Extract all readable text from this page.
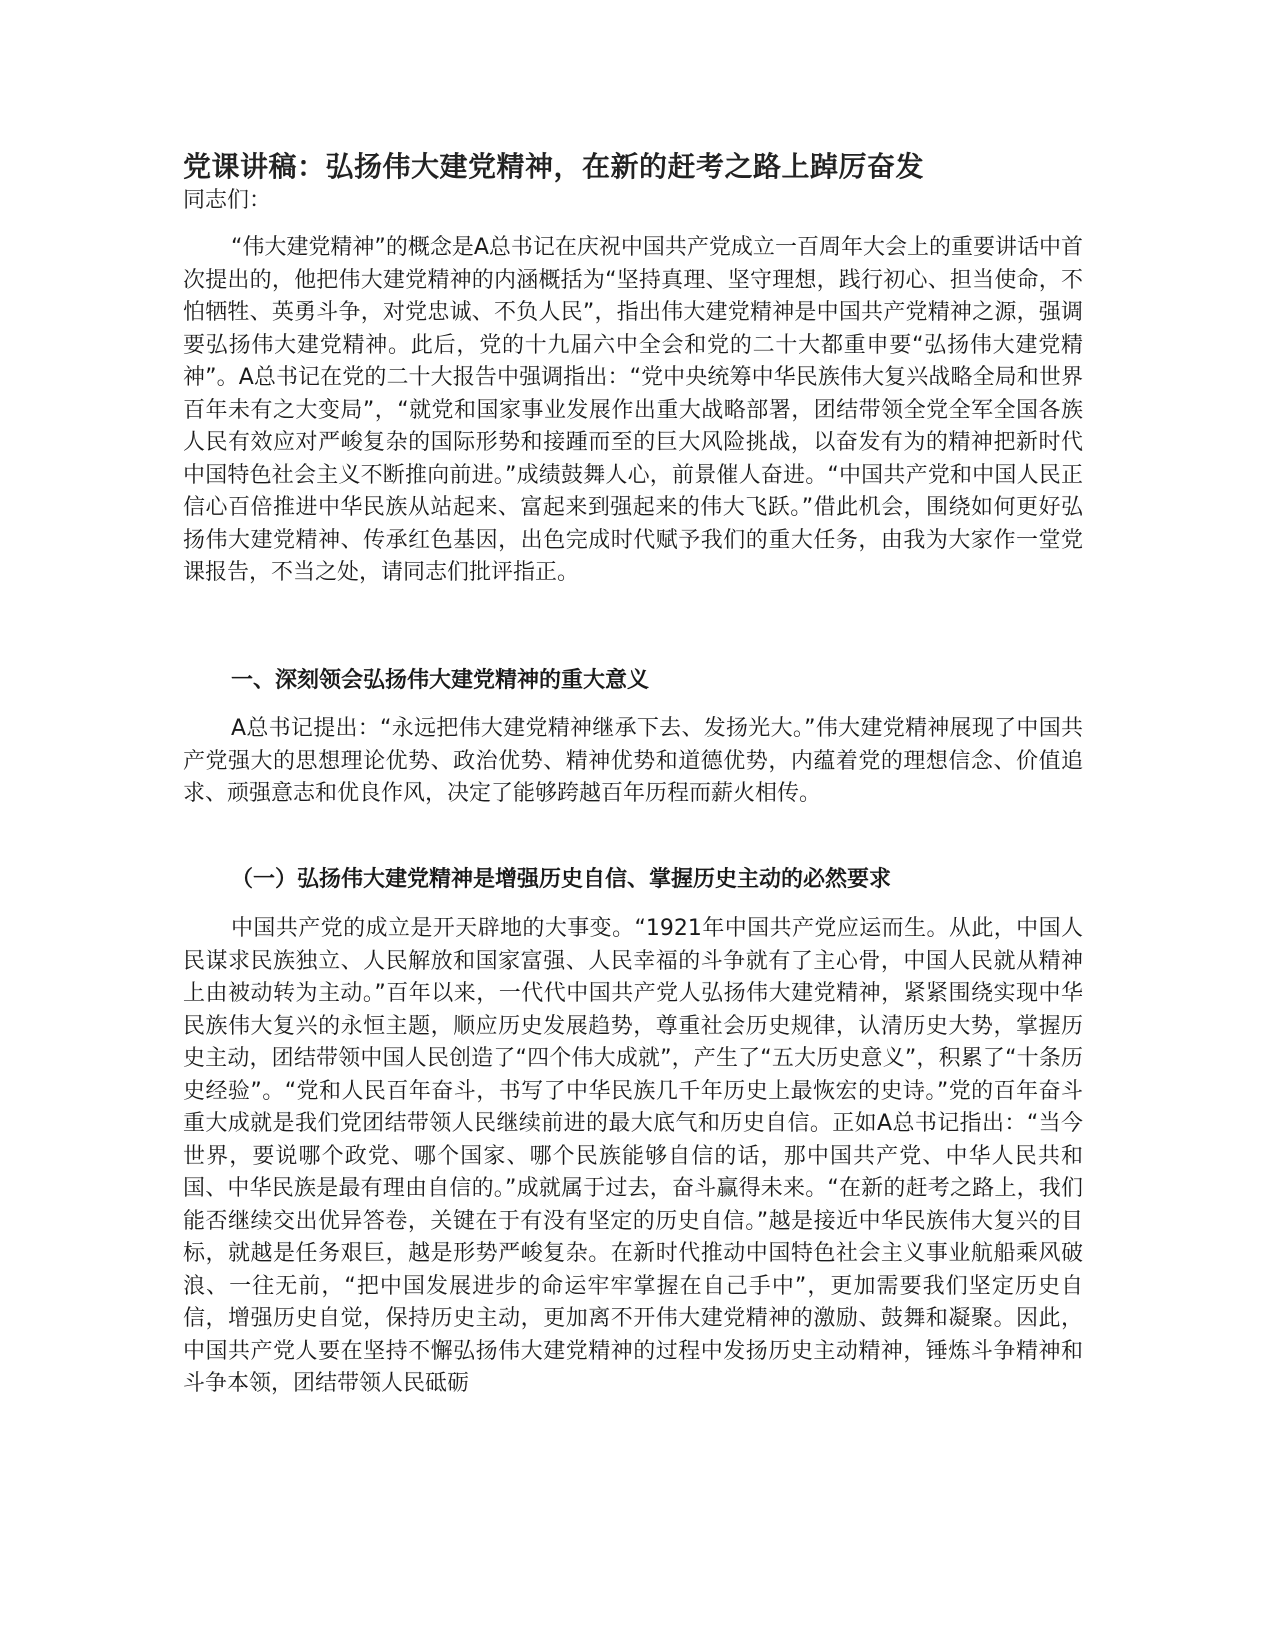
党课讲稿：弘扬伟大建党精神，在新的赶考之路上踔厉奋发
同志们：

“伟大建党精神”的概念是A总书记在庆祝中国共产党成立一百周年大会上的重要讲话中首次提出的，他把伟大建党精神的内涵概括为“坚持真理、坚守理想，践行初心、担当使命，不怕牺牲、英勇斗争，对党忠诚、不负人民”，指出伟大建党精神是中国共产党精神之源，强调要弘扬伟大建党精神。此后，党的十九届六中全会和党的二十大都重申要“弘扬伟大建党精神”。A总书记在党的二十大报告中强调指出：“党中央统筹中华民族伟大复兴战略全局和世界百年未有之大变局”，“就党和国家事业发展作出重大战略部署，团结带领全党全军全国各族人民有效应对严峻复杂的国际形势和接踵而至的巨大风险挑战，以奋发有为的精神把新时代中国特色社会主义不断推向前进。”成绩鼓舞人心，前景催人奋进。“中国共产党和中国人民正信心百倍推进中华民族从站起来、富起来到强起来的伟大飞跃。”借此机会，围绕如何更好弘扬伟大建党精神、传承红色基因，出色完成时代赋予我们的重大任务，由我为大家作一堂党课报告，不当之处，请同志们批评指正。

一、深刻领会弘扬伟大建党精神的重大意义

A总书记提出：“永远把伟大建党精神继承下去、发扬光大。”伟大建党精神展现了中国共产党强大的思想理论优势、政治优势、精神优势和道德优势，内蕴着党的理想信念、价值追求、顽强意志和优良作风，决定了能够跨越百年历程而薪火相传。

（一）弘扬伟大建党精神是增强历史自信、掌握历史主动的必然要求

中国共产党的成立是开天辟地的大事变。“1921年中国共产党应运而生。从此，中国人民谋求民族独立、人民解放和国家富强、人民幸福的斗争就有了主心骨，中国人民就从精神上由被动转为主动。”百年以来，一代代中国共产党人弘扬伟大建党精神，紧紧围绕实现中华民族伟大复兴的永恒主题，顺应历史发展趋势，尊重社会历史规律，认清历史大势，掌握历史主动，团结带领中国人民创造了“四个伟大成就”，产生了“五大历史意义”，积累了“十条历史经验”。“党和人民百年奋斗，书写了中华民族几千年历史上最恢宏的史诗。”党的百年奋斗重大成就是我们党团结带领人民继续前进的最大底气和历史自信。正如A总书记指出：“当今世界，要说哪个政党、哪个国家、哪个民族能够自信的话，那中国共产党、中华人民共和国、中华民族是最有理由自信的。”成就属于过去，奋斗赢得未来。“在新的赶考之路上，我们能否继续交出优异答卷，关键在于有没有坚定的历史自信。”越是接近中华民族伟大复兴的目标，就越是任务艰巨，越是形势严峻复杂。在新时代推动中国特色社会主义事业航船乘风破浪、一往无前，“把中国发展进步的命运牢牢掌握在自己手中”，更加需要我们坚定历史自信，增强历史自觉，保持历史主动，更加离不开伟大建党精神的激励、鼓舞和凝聚。因此，中国共产党人要在坚持不懈弘扬伟大建党精神的过程中发扬历史主动精神，锤炼斗争精神和斗争本领，团结带领人民砥砺
